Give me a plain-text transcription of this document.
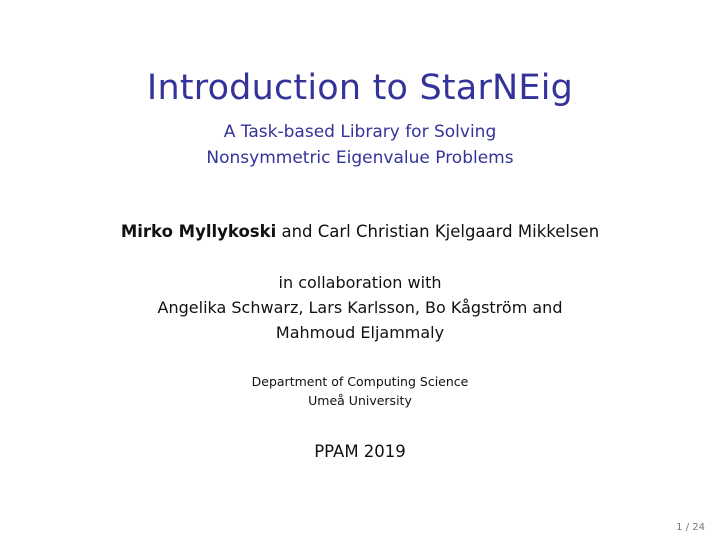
Introduction to StarNEig
A Task-based Library for Solving
Nonsymmetric Eigenvalue Problems
Mirko Myllykoski and Carl Christian Kjelgaard Mikkelsen
in collaboration with
Angelika Schwarz, Lars Karlsson, Bo Kågström and
Mahmoud Eljammaly
Department of Computing Science
Umeå University
PPAM 2019
1 / 24
